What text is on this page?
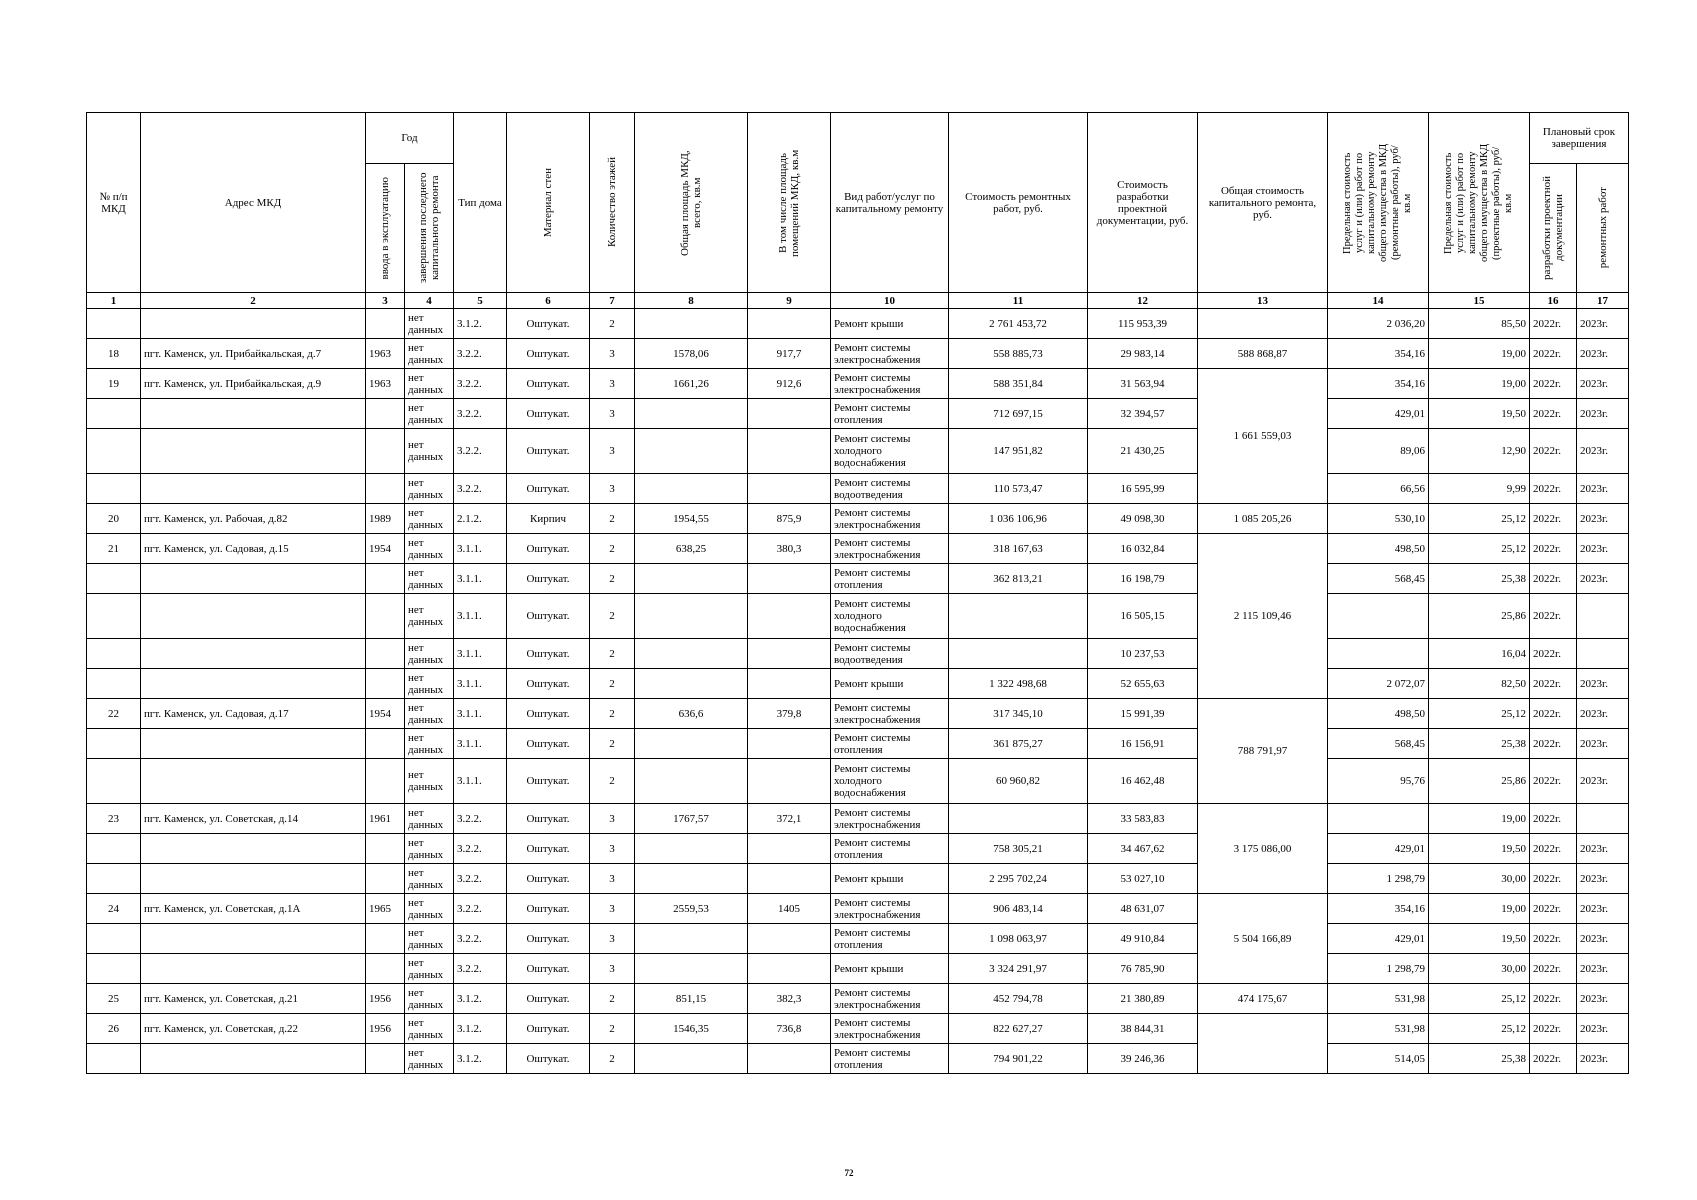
№ п/п МКД	Адрес МКД	Год		Тип дома	Материал стен	Количество этажей	Общая площадь МКД, всего, кв.м	В том числе площадь помещений МКД, кв.м	Вид работ/услуг по капитальному ремонту	Стоимость ремонтных работ, руб.	Стоимость разработки проектной документации, руб.	Общая стоимость капитального ремонта, руб.	Предельная стоимость услуг и (или) работ по капитальному ремонту общего имущества в МКД (ремонтные работы), руб/кв.м	Предельная стоимость услуг и (или) работ по капитальному ремонту общего имущества в МКД (проектные работы), руб/кв.м	Плановый срок завершения	

		ввода в эксплуатацию	завершения последнего капитального ремонта												разработки проектной документации	ремонтных работ

1	2	3	4	5	6	7	8	9	10	11	12	13	14	15	16	17
			нет данных	3.1.2.	Оштукат.	2			Ремонт крыши	2 761 453,72	115 953,39		2 036,20	85,50	2022г.	2023г.
18	пгт. Каменск, ул. Прибайкальская, д.7	1963	нет данных	3.2.2.	Оштукат.	3	1578,06	917,7	Ремонт системы электроснабжения	558 885,73	29 983,14	588 868,87	354,16	19,00	2022г.	2023г.
19	пгт. Каменск, ул. Прибайкальская, д.9	1963	нет данных	3.2.2.	Оштукат.	3	1661,26	912,6	Ремонт системы электроснабжения	588 351,84	31 563,94	1 661 559,03	354,16	19,00	2022г.	2023г.
			нет данных	3.2.2.	Оштукат.	3			Ремонт системы отопления	712 697,15	32 394,57		429,01	19,50	2022г.	2023г.
			нет данных	3.2.2.	Оштукат.	3			Ремонт системы холодного водоснабжения	147 951,82	21 430,25		89,06	12,90	2022г.	2023г.
			нет данных	3.2.2.	Оштукат.	3			Ремонт системы водоотведения	110 573,47	16 595,99		66,56	9,99	2022г.	2023г.
20	пгт. Каменск, ул. Рабочая, д.82	1989	нет данных	2.1.2.	Кирпич	2	1954,55	875,9	Ремонт системы электроснабжения	1 036 106,96	49 098,30	1 085 205,26	530,10	25,12	2022г.	2023г.
21	пгт. Каменск, ул. Садовая, д.15	1954	нет данных	3.1.1.	Оштукат.	2	638,25	380,3	Ремонт системы электроснабжения	318 167,63	16 032,84	2 115 109,46	498,50	25,12	2022г.	2023г.
			нет данных	3.1.1.	Оштукат.	2			Ремонт системы отопления	362 813,21	16 198,79		568,45	25,38	2022г.	2023г.
			нет данных	3.1.1.	Оштукат.	2			Ремонт системы холодного водоснабжения		16 505,15			25,86	2022г.	
			нет данных	3.1.1.	Оштукат.	2			Ремонт системы водоотведения		10 237,53			16,04	2022г.	
			нет данных	3.1.1.	Оштукат.	2			Ремонт крыши	1 322 498,68	52 655,63		2 072,07	82,50	2022г.	2023г.
22	пгт. Каменск, ул. Садовая, д.17	1954	нет данных	3.1.1.	Оштукат.	2	636,6	379,8	Ремонт системы электроснабжения	317 345,10	15 991,39	788 791,97	498,50	25,12	2022г.	2023г.
			нет данных	3.1.1.	Оштукат.	2			Ремонт системы отопления	361 875,27	16 156,91		568,45	25,38	2022г.	2023г.
			нет данных	3.1.1.	Оштукат.	2			Ремонт системы холодного водоснабжения	60 960,82	16 462,48		95,76	25,86	2022г.	2023г.
23	пгт. Каменск, ул. Советская, д.14	1961	нет данных	3.2.2.	Оштукат.	3	1767,57	372,1	Ремонт системы электроснабжения		33 583,83	3 175 086,00		19,00	2022г.	
			нет данных	3.2.2.	Оштукат.	3			Ремонт системы отопления	758 305,21	34 467,62		429,01	19,50	2022г.	2023г.
			нет данных	3.2.2.	Оштукат.	3			Ремонт крыши	2 295 702,24	53 027,10		1 298,79	30,00	2022г.	2023г.
24	пгт. Каменск, ул. Советская, д.1А	1965	нет данных	3.2.2.	Оштукат.	3	2559,53	1405	Ремонт системы электроснабжения	906 483,14	48 631,07	5 504 166,89	354,16	19,00	2022г.	2023г.
			нет данных	3.2.2.	Оштукат.	3			Ремонт системы отопления	1 098 063,97	49 910,84		429,01	19,50	2022г.	2023г.
			нет данных	3.2.2.	Оштукат.	3			Ремонт крыши	3 324 291,97	76 785,90		1 298,79	30,00	2022г.	2023г.
25	пгт. Каменск, ул. Советская, д.21	1956	нет данных	3.1.2.	Оштукат.	2	851,15	382,3	Ремонт системы электроснабжения	452 794,78	21 380,89	474 175,67	531,98	25,12	2022г.	2023г.
26	пгт. Каменск, ул. Советская, д.22	1956	нет данных	3.1.2.	Оштукат.	2	1546,35	736,8	Ремонт системы электроснабжения	822 627,27	38 844,31		531,98	25,12	2022г.	2023г.
			нет данных	3.1.2.	Оштукат.	2			Ремонт системы отопления	794 901,22	39 246,36		514,05	25,38	2022г.	2023г.
72
